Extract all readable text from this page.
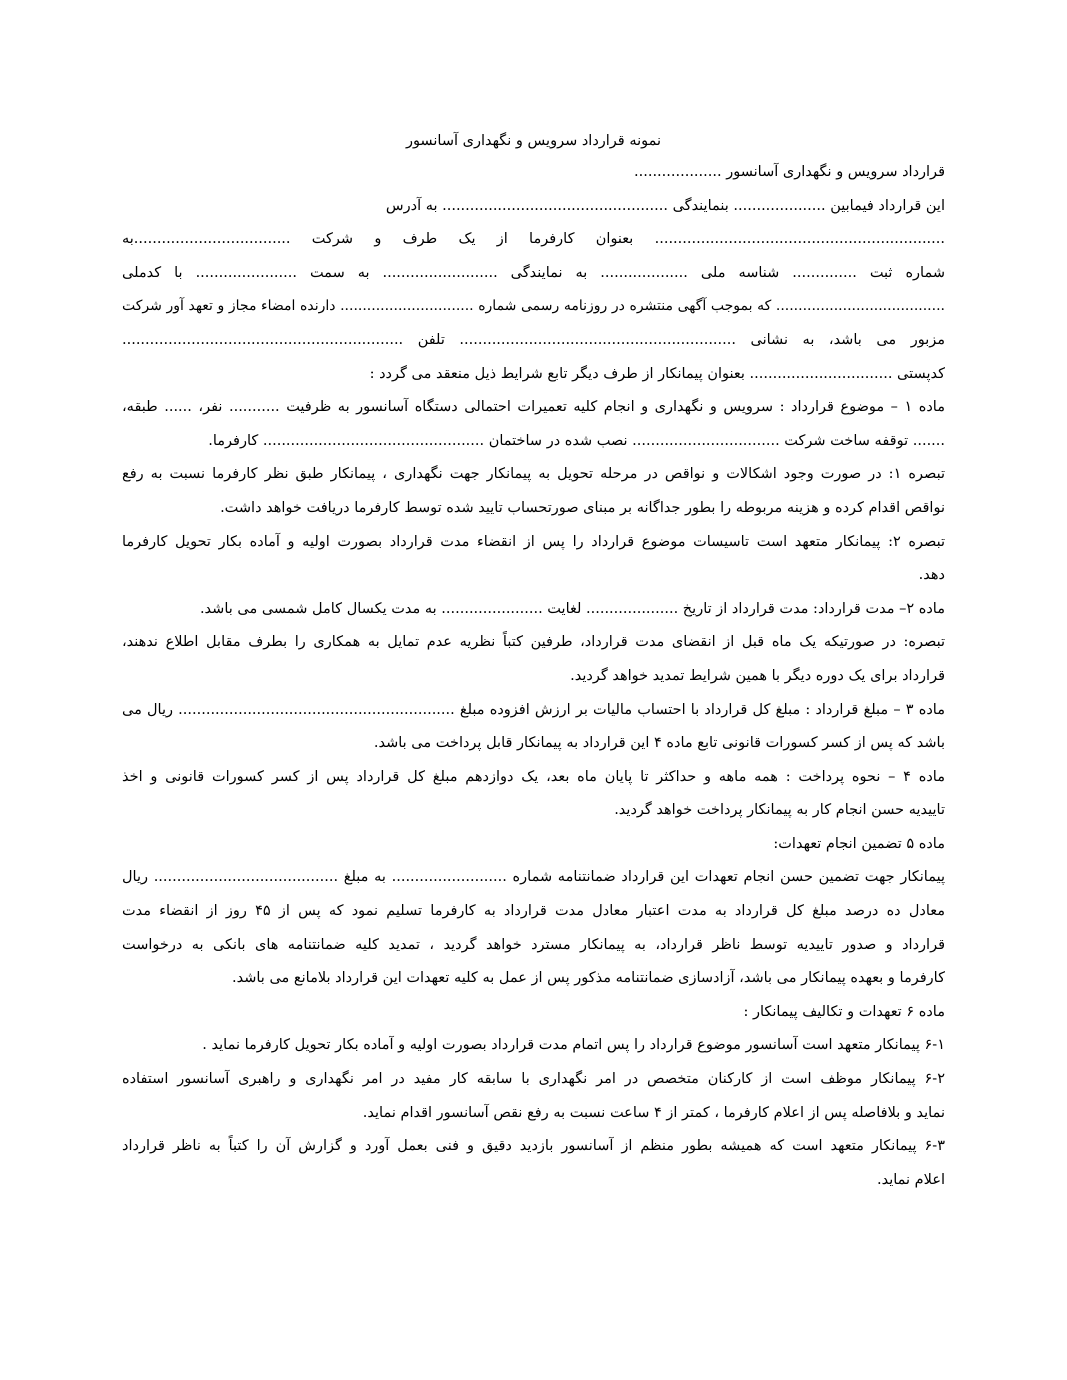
نمونه قرارداد سرویس و نگهداری آسانسور
قرارداد سرویس و نگهداری آسانسور ...................
این قرارداد فیمابین .................... بنمایندگی ................................................. به آدرس
............................................................... بعنوان کارفرما از یک طرف و شرکت ..................................به
شماره ثبت .............. شناسه ملی ................... به نمایندگی ......................... به سمت ...................... با کدملی
...................................... که بموجب آگهی منتشره در روزنامه رسمی شماره .............................. دارنده امضاء مجاز و تعهد آور شرکت
مزبور می باشد، به نشانی ............................................................ تلفن .............................................................
کدپستی ............................... بعنوان پیمانکار از طرف دیگر تابع شرایط ذیل منعقد می گردد :
ماده ۱ – موضوع قرارداد : سرویس و نگهداری و انجام کلیه تعمیرات احتمالی دستگاه آسانسور به ظرفیت ........... نفر، ...... طبقه،
....... توقفه ساخت شرکت ................................ نصب شده در ساختمان ................................................ کارفرما.
تبصره ۱: در صورت وجود اشکالات و نواقص در مرحله تحویل به پیمانکار جهت نگهداری ، پیمانکار طبق نظر کارفرما نسبت به رفع
نواقص اقدام کرده و هزینه مربوطه را بطور جداگانه بر مبنای صورتحساب تایید شده توسط کارفرما دریافت خواهد داشت.
تبصره ۲: پیمانکار متعهد است تاسیسات موضوع قرارداد را پس از انقضاء مدت قرارداد بصورت اولیه و آماده بکار تحویل کارفرما
دهد.
ماده ۲– مدت قرارداد: مدت قرارداد از تاریخ .................... لغایت ...................... به مدت یکسال کامل شمسی می باشد.
تبصره: در صورتیکه یک ماه قبل از انقضای مدت قرارداد، طرفین کتباً نظریه عدم تمایل به همکاری را بطرف مقابل اطلاع ندهند،
قرارداد برای یک دوره دیگر با همین شرایط تمدید خواهد گردید.
ماده ۳ – مبلغ قرارداد : مبلغ کل قرارداد با احتساب مالیات بر ارزش افزوده مبلغ ............................................................ ریال می
باشد که پس از کسر کسورات قانونی تابع ماده ۴ این قرارداد به پیمانکار قابل پرداخت می باشد.
ماده ۴ – نحوه پرداخت : همه ماهه و حداکثر تا پایان ماه بعد، یک دوازدهم مبلغ کل قرارداد پس از کسر کسورات قانونی و اخذ
تاییدیه حسن انجام کار به پیمانکار پرداخت خواهد گردید.
ماده ۵ تضمین انجام تعهدات:
پیمانکار جهت تضمین حسن انجام تعهدات این قرارداد ضمانتنامه شماره ......................... به مبلغ ........................................ ریال
معادل ده درصد مبلغ کل قرارداد به مدت اعتبار معادل مدت قرارداد به کارفرما تسلیم نمود که پس از ۴۵ روز از انقضاء مدت
قرارداد و صدور تاییدیه توسط ناظر قرارداد، به پیمانکار مسترد خواهد گردید ، تمدید کلیه ضمانتنامه های بانکی به درخواست
کارفرما و بعهده پیمانکار می باشد، آزادسازی ضمانتنامه مذکور پس از عمل به کلیه تعهدات این قرارداد بلامانع می باشد.
ماده ۶ تعهدات و تکالیف پیمانکار :
۶-۱ پیمانکار متعهد است آسانسور موضوع قرارداد را پس اتمام مدت قرارداد بصورت اولیه و آماده بکار تحویل کارفرما نماید .
۶-۲ پیمانکار موظف است از کارکنان متخصص در امر نگهداری با سابقه کار مفید در امر نگهداری و راهبری آسانسور استفاده
نماید و بلافاصله پس از اعلام کارفرما ، کمتر از ۴ ساعت نسبت به رفع نقص آسانسور اقدام نماید.
۶-۳ پیمانکار متعهد است که همیشه بطور منظم از آسانسور بازدید دقیق و فنی بعمل آورد و گزارش آن را کتباً به ناظر قرارداد
اعلام نماید.
